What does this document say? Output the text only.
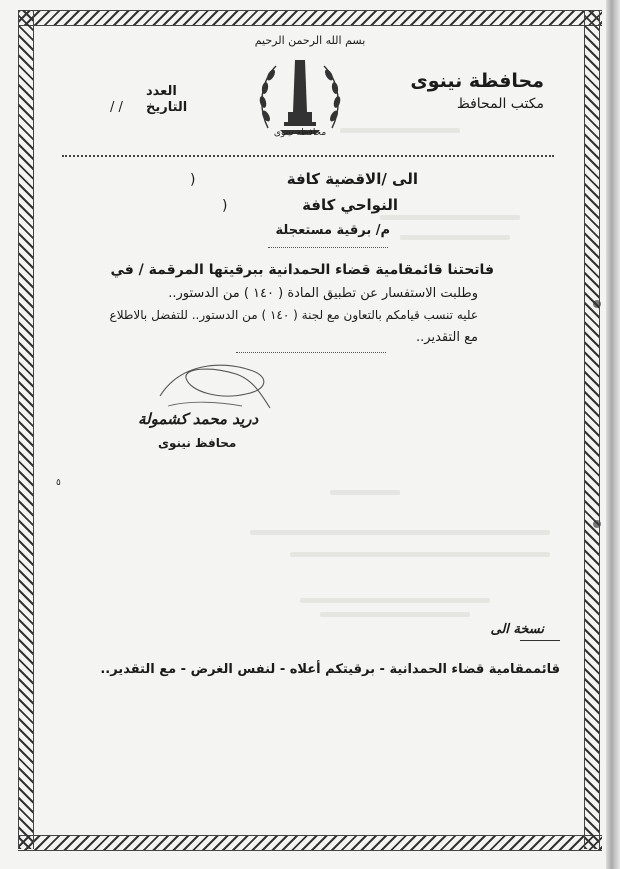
بسم الله الرحمن الرحيم
محافظة نينوى
مكتب المحافظ
العدد
التاريخ
/ /
محافظة نينوى
الى /الاقضية كافة
)
النواحي كافة
)
م/ برقية مستعجلة
فاتحتنا قائمقامية قضاء الحمدانية ببرقيتها المرقمة / في
وطلبت الاستفسار عن تطبيق المادة ( ١٤٠ ) من الدستور..
عليه تنسب قيامكم بالتعاون مع لجنة ( ١٤٠ ) من الدستور.. للتفضل بالاطلاع
مع التقدير..
دريد محمد كشمولة
محافظ نينوى
٥
نسخة الى
قائممقامية قضاء الحمدانية - برقيتكم أعلاه - لنفس الغرض - مع التقدير..
